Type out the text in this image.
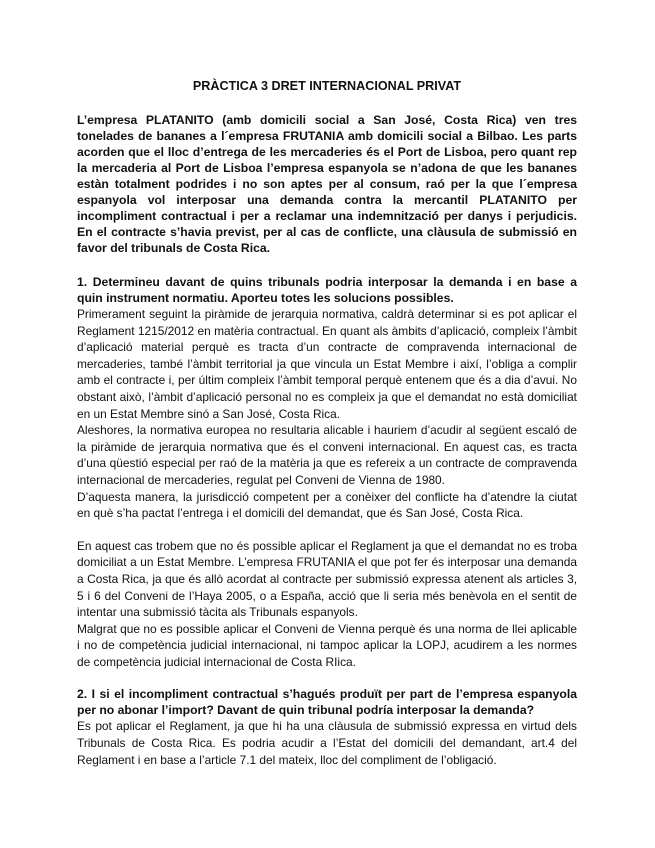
PRÀCTICA 3 DRET INTERNACIONAL PRIVAT

L’empresa PLATANITO (amb domicili social a San José, Costa Rica) ven tres tonelades de bananes a l´empresa FRUTANIA amb domicili social a Bilbao. Les parts acorden que el lloc d’entrega de les mercaderies és el Port de Lisboa, pero quant rep la mercaderia al Port de Lisboa l’empresa espanyola se n’adona de que les bananes estàn totalment podrides i no son aptes per al consum, raó per la que l´empresa espanyola vol interposar una demanda contra la mercantil PLATANITO per incompliment contractual i per a reclamar una indemnització per danys i perjudicis. En el contracte s’havia previst, per al cas de conflicte, una clàusula de submissió en favor del tribunals de Costa Rica.

1. Determineu davant de quins tribunals podria interposar la demanda i en base a quin instrument normatiu. Aporteu totes les solucions possibles.

Primerament seguint la piràmide de jerarquia normativa, caldrà determinar si es pot aplicar el Reglament 1215/2012 en matèria contractual. En quant als àmbits d’aplicació, compleix l’àmbit d’aplicació material perquè es tracta d’un contracte de compravenda internacional de mercaderies, també l’àmbit territorial ja que vincula un Estat Membre i així, l’obliga a complir amb el contracte i, per últim compleix l’àmbit temporal perquè entenem que és a dia d’avui. No obstant això, l’àmbit d’aplicació personal no es compleix ja que el demandat no està domiciliat en un Estat Membre sinó a San José, Costa Rica.

Aleshores, la normativa europea no resultaria alicable i hauriem d’acudir al següent escaló de la piràmide de jerarquia normativa que és el conveni internacional. En aquest cas, es tracta d’una qüestió especial per raó de la matèria ja que es refereix a un contracte de compravenda internacional de mercaderies, regulat pel Conveni de Vienna de 1980.

D’aquesta manera, la jurisdicció competent per a conèixer del conflicte ha d’atendre la ciutat en què s’ha pactat l’entrega i el domicili del demandat, que és San José, Costa Rica.

En aquest cas trobem que no és possible aplicar el Reglament ja que el demandat no es troba domiciliat a un Estat Membre. L’empresa FRUTANIA el que pot fer és interposar una demanda a Costa Rica, ja que és allò acordat al contracte per submissió expressa atenent als articles 3, 5 i 6 del Conveni de l’Haya 2005, o a España, acció que li seria més benèvola en el sentit de intentar una submissió tàcita als Tribunals espanyols.

Malgrat que no es possible aplicar el Conveni de Vienna perquè és una norma de llei aplicable i no de competència judicial internacional, ni tampoc aplicar la LOPJ, acudirem a les normes de competència judicial internacional de Costa RIica.

2. I si el incompliment contractual s’hagués produït per part de l’empresa espanyola per no abonar l’import? Davant de quin tribunal podría interposar la demanda?

Es pot aplicar el Reglament, ja que hi ha una clàusula de submissió expressa en virtud dels Tribunals de Costa Rica. Es podria acudir a l’Estat del domicili del demandant, art.4 del Reglament i en base a l’article 7.1 del mateix, lloc del compliment de l’obligació.
